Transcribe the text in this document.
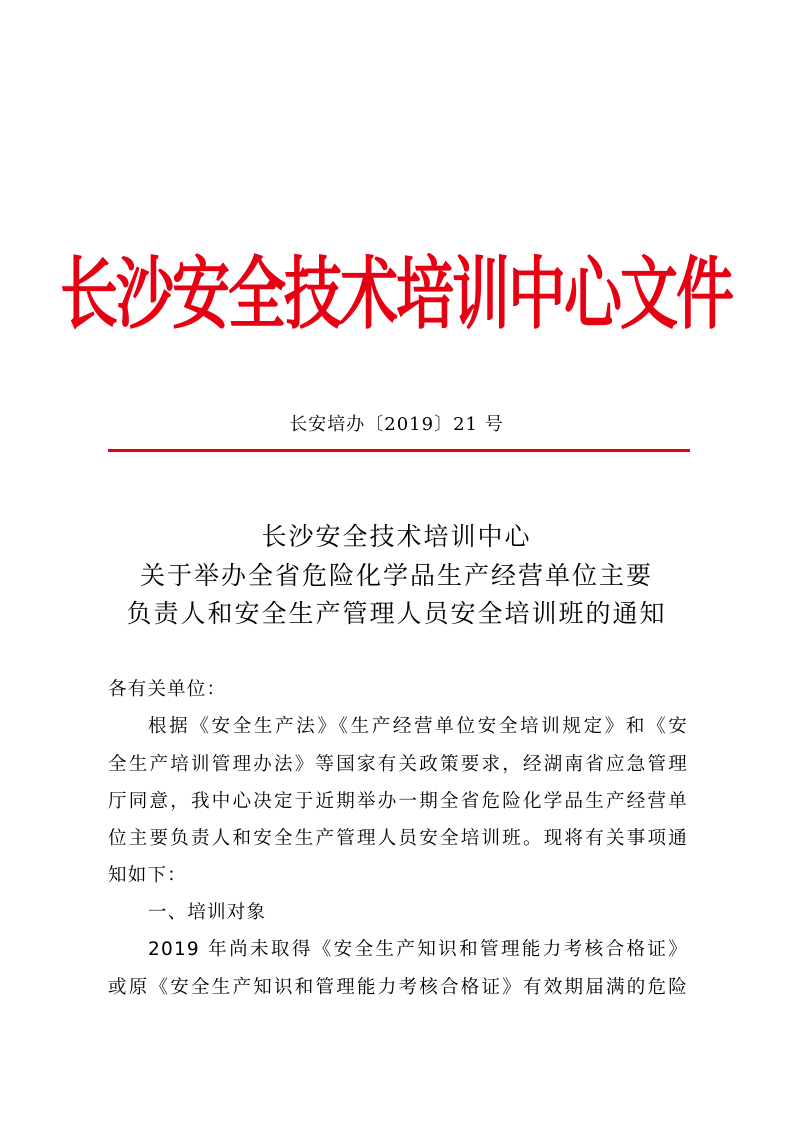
长沙安全技术培训中心文件
长安培办〔2019〕21 号
长沙安全技术培训中心
关于举办全省危险化学品生产经营单位主要
负责人和安全生产管理人员安全培训班的通知
各有关单位：
根据《安全生产法》《生产经营单位安全培训规定》和《安
全生产培训管理办法》等国家有关政策要求，经湖南省应急管理
厅同意，我中心决定于近期举办一期全省危险化学品生产经营单
位主要负责人和安全生产管理人员安全培训班。现将有关事项通
知如下：
一、培训对象
2019 年尚未取得《安全生产知识和管理能力考核合格证》
或原《安全生产知识和管理能力考核合格证》有效期届满的危险
